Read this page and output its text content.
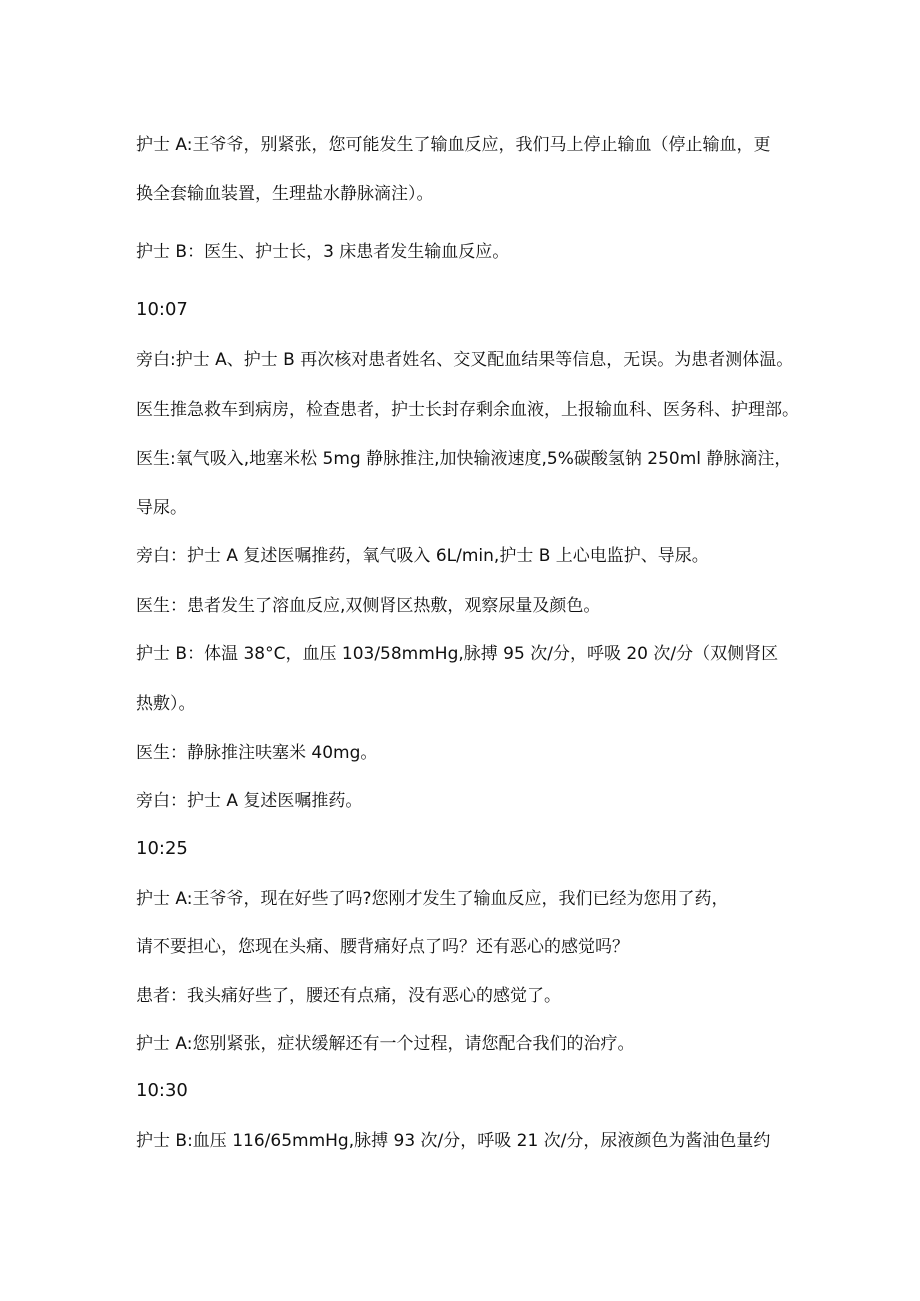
护士 A:王爷爷，别紧张，您可能发生了输血反应，我们马上停止输血（停止输血，更
换全套输血装置，生理盐水静脉滴注）。
护士 B：医生、护士长，3 床患者发生输血反应。
10:07
旁白:护士 A、护士 B 再次核对患者姓名、交叉配血结果等信息，无误。为患者测体温。
医生推急救车到病房，检查患者，护士长封存剩余血液，上报输血科、医务科、护理部。
医生:氧气吸入,地塞米松 5mg 静脉推注,加快输液速度,5%碳酸氢钠 250ml 静脉滴注，
导尿。
旁白：护士 A 复述医嘱推药，氧气吸入 6L/min,护士 B 上心电监护、导尿。
医生：患者发生了溶血反应,双侧肾区热敷，观察尿量及颜色。
护士 B：体温 38°C，血压 103/58mmHg,脉搏 95 次/分，呼吸 20 次/分（双侧肾区
热敷）。
医生：静脉推注呋塞米 40mg。
旁白：护士 A 复述医嘱推药。
10:25
护士 A:王爷爷，现在好些了吗?您刚才发生了输血反应，我们已经为您用了药，
请不要担心，您现在头痛、腰背痛好点了吗？还有恶心的感觉吗？
患者：我头痛好些了，腰还有点痛，没有恶心的感觉了。
护士 A:您别紧张，症状缓解还有一个过程，请您配合我们的治疗。
10:30
护士 B:血压 116/65mmHg,脉搏 93 次/分，呼吸 21 次/分，尿液颜色为酱油色量约
